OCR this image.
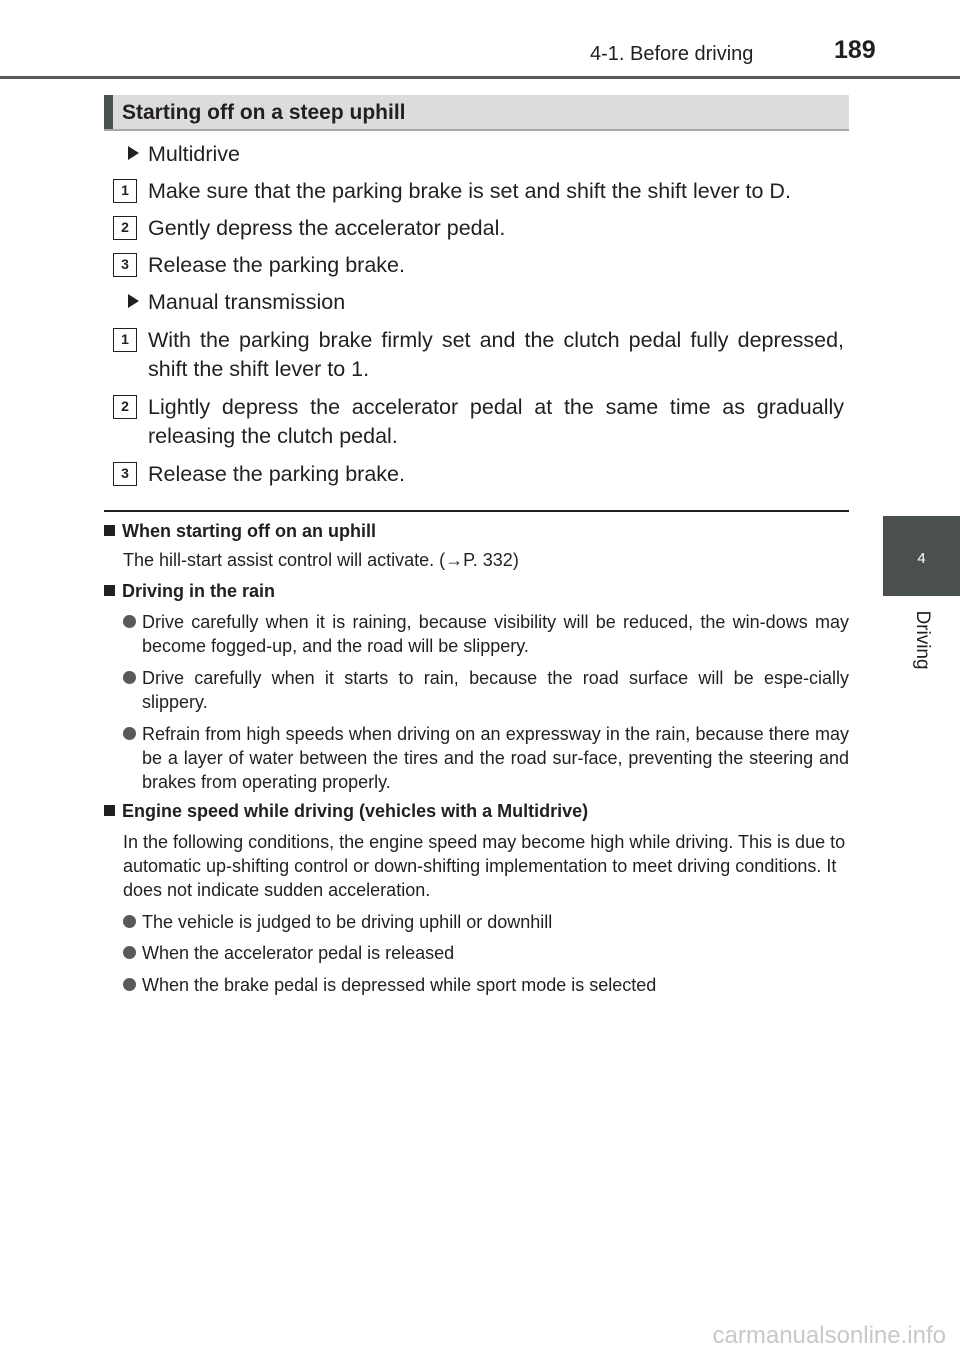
4-1. Before driving	189
4
Driving
Starting off on a steep uphill
Multidrive
1 Make sure that the parking brake is set and shift the shift lever to D.
2 Gently depress the accelerator pedal.
3 Release the parking brake.
Manual transmission
1 With the parking brake firmly set and the clutch pedal fully depressed, shift the shift lever to 1.
2 Lightly depress the accelerator pedal at the same time as gradually releasing the clutch pedal.
3 Release the parking brake.
When starting off on an uphill
The hill-start assist control will activate. (→P. 332)
Driving in the rain
Drive carefully when it is raining, because visibility will be reduced, the win-dows may become fogged-up, and the road will be slippery.
Drive carefully when it starts to rain, because the road surface will be espe-cially slippery.
Refrain from high speeds when driving on an expressway in the rain, because there may be a layer of water between the tires and the road sur-face, preventing the steering and brakes from operating properly.
Engine speed while driving (vehicles with a Multidrive)
In the following conditions, the engine speed may become high while driving. This is due to automatic up-shifting control or down-shifting implementation to meet driving conditions. It does not indicate sudden acceleration.
The vehicle is judged to be driving uphill or downhill
When the accelerator pedal is released
When the brake pedal is depressed while sport mode is selected
carmanualsonline.info
